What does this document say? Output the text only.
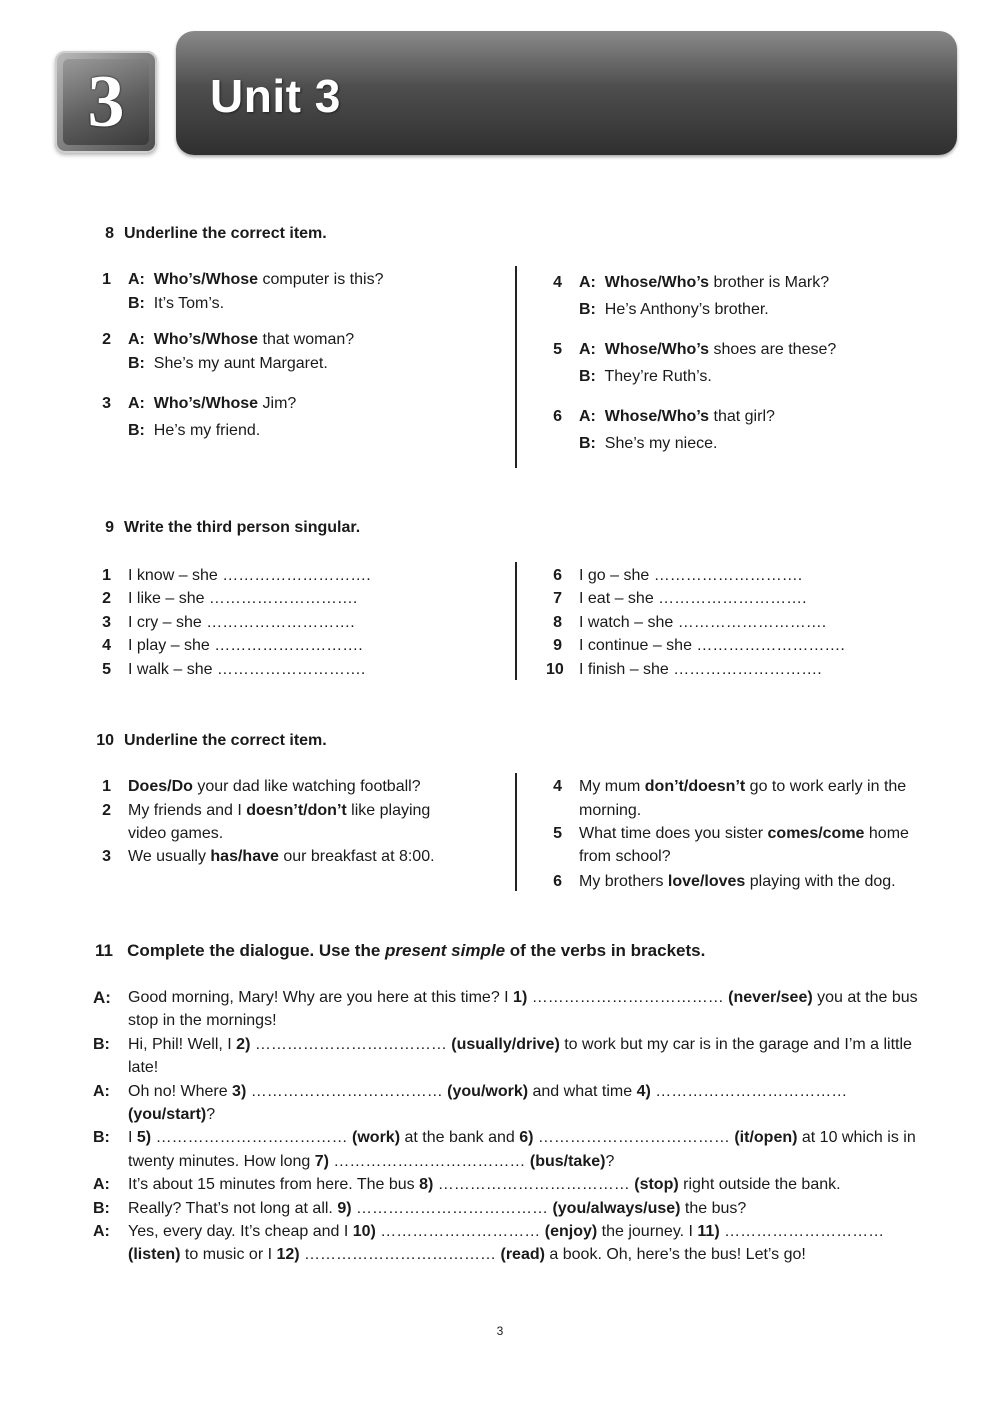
3	Unit 3
8 Underline the correct item.
1 A: Who’s/Whose computer is this?
B: It’s Tom’s.
2 A: Who’s/Whose that woman?
B: She’s my aunt Margaret.
3 A: Who’s/Whose Jim?
B: He’s my friend.
4 A: Whose/Who’s brother is Mark?
B: He’s Anthony’s brother.
5 A: Whose/Who’s shoes are these?
B: They’re Ruth’s.
6 A: Whose/Who’s that girl?
B: She’s my niece.
9 Write the third person singular.
1 I know – she ……………………….
2 I like – she ……………………….
3 I cry – she ……………………….
4 I play – she ……………………….
5 I walk – she ……………………….
6 I go – she ……………………….
7 I eat – she ……………………….
8 I watch – she ……………………….
9 I continue – she ……………………….
10 I finish – she ……………………….
10 Underline the correct item.
1 Does/Do your dad like watching football?
2 My friends and I doesn’t/don’t like playing
video games.
3 We usually has/have our breakfast at 8:00.
4 My mum don’t/doesn’t go to work early in the
morning.
5 What time does you sister comes/come home
from school?
6 My brothers love/loves playing with the dog.
11 Complete the dialogue. Use the present simple of the verbs in brackets.
A: Good morning, Mary! Why are you here at this time? I 1) ……………………………… (never/see) you at the bus stop in the mornings!
B: Hi, Phil! Well, I 2) ……………………………… (usually/drive) to work but my car is in the garage and I’m a little late!
A: Oh no! Where 3) ……………………………… (you/work) and what time 4) ……………………………… (you/start)?
B: I 5) ……………………………… (work) at the bank and 6) ……………………………… (it/open) at 10 which is in twenty minutes. How long 7) ……………………………… (bus/take)?
A: It’s about 15 minutes from here. The bus 8) ……………………………… (stop) right outside the bank.
B: Really? That’s not long at all. 9) ……………………………… (you/always/use) the bus?
A: Yes, every day. It’s cheap and I 10) ………………………… (enjoy) the journey. I 11) ………………………… (listen) to music or I 12) ……………………………… (read) a book. Oh, here’s the bus! Let’s go!
3
